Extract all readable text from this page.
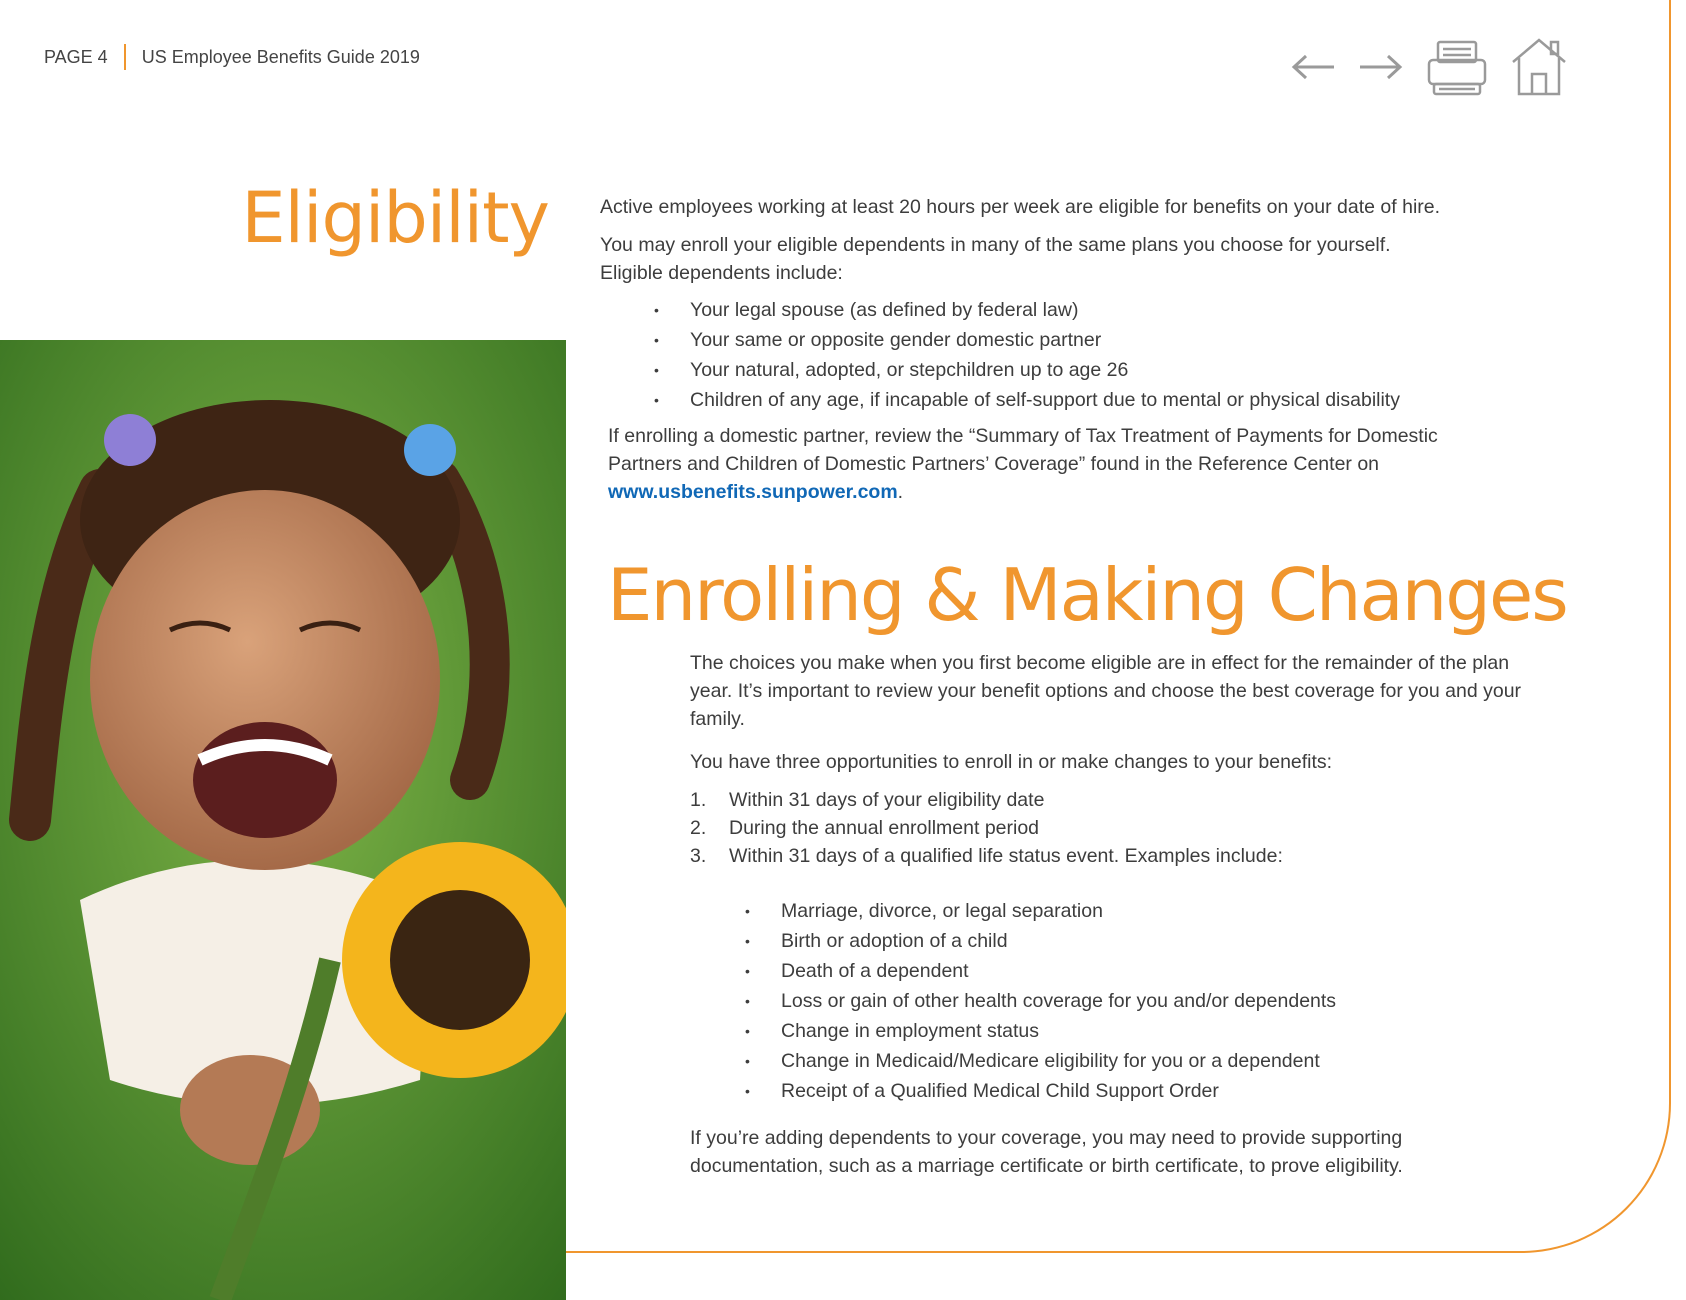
PAGE 4 US Employee Benefits Guide 2019
Eligibility	Active employees working at least 20 hours per week are eligible for benefits on your date of hire.

You may enroll your eligible dependents in many of the same plans you choose for yourself.

Eligible dependents include:

• Your legal spouse (as defined by federal law)
• Your same or opposite gender domestic partner
• Your natural, adopted, or stepchildren up to age 26
• Children of any age, if incapable of self-support due to mental or physical disability

If enrolling a domestic partner, review the “Summary of Tax Treatment of Payments for Domestic Partners and Children of Domestic Partners’ Coverage” found in the Reference Center on www.usbenefits.sunpower.com.

Enrolling & Making Changes

The choices you make when you first become eligible are in effect for the remainder of the plan year. It’s important to review your benefit options and choose the best coverage for you and your family.

You have three opportunities to enroll in or make changes to your benefits:

1.	Within 31 days of your eligibility date
2.	During the annual enrollment period
3.	Within 31 days of a qualified life status event. Examples include:
• Marriage, divorce, or legal separation
• Birth or adoption of a child
• Death of a dependent
• Loss or gain of other health coverage for you and/or dependents
• Change in employment status
• Change in Medicaid/Medicare eligibility for you or a dependent
• Receipt of a Qualified Medical Child Support Order

If you’re adding dependents to your coverage, you may need to provide supporting documentation, such as a marriage certificate or birth certificate, to prove eligibility.
